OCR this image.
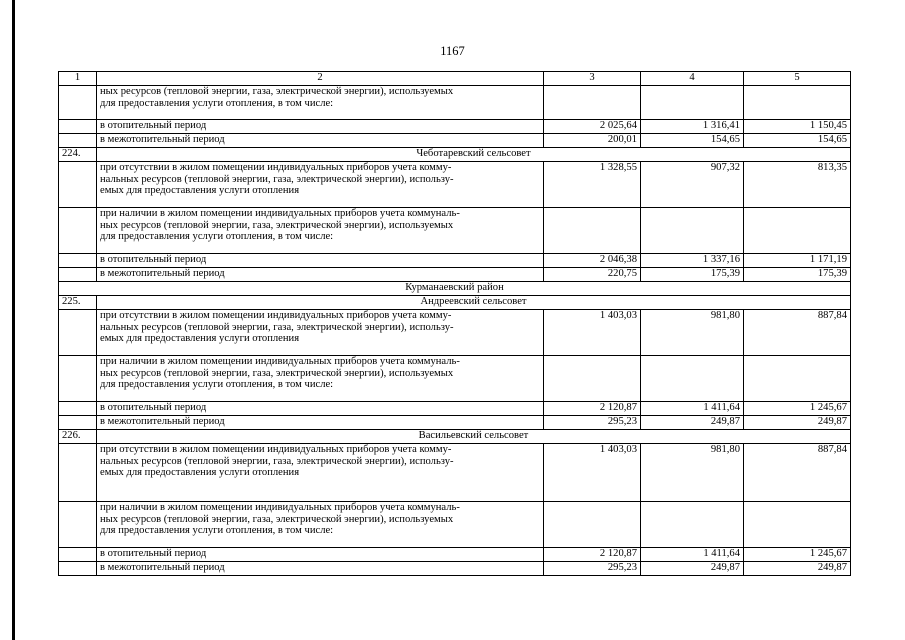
1167
1	2	3	4	5

	ных ресурсов (тепловой энергии, газа, электрической энергии), используемых
для предоставления услуги отопления, в том числе:			

	в отопительный период	2 025,64	1 316,41	1 150,45
	в межотопительный период	200,01	154,65	154,65
224.	Чеботаревский сельсовет			

	при отсутствии в жилом помещении индивидуальных приборов учета комму-
нальных ресурсов (тепловой энергии, газа, электрической энергии), использу-
емых для предоставления услуги отопления	1 328,55	907,32	813,35

	при наличии в жилом помещении индивидуальных приборов учета коммуналь-
ных ресурсов (тепловой энергии, газа, электрической энергии), используемых
для предоставления услуги отопления, в том числе:			

	в отопительный период	2 046,38	1 337,16	1 171,19
	в межотопительный период	220,75	175,39	175,39
Курманаевский район				
225.	Андреевский сельсовет			

	при отсутствии в жилом помещении индивидуальных приборов учета комму-
нальных ресурсов (тепловой энергии, газа, электрической энергии), использу-
емых для предоставления услуги отопления	1 403,03	981,80	887,84

	при наличии в жилом помещении индивидуальных приборов учета коммуналь-
ных ресурсов (тепловой энергии, газа, электрической энергии), используемых
для предоставления услуги отопления, в том числе:			

	в отопительный период	2 120,87	1 411,64	1 245,67
	в межотопительный период	295,23	249,87	249,87
226.	Васильевский сельсовет			

	при отсутствии в жилом помещении индивидуальных приборов учета комму-
нальных ресурсов (тепловой энергии, газа, электрической энергии), использу-
емых для предоставления услуги отопления	1 403,03	981,80	887,84

	при наличии в жилом помещении индивидуальных приборов учета коммуналь-
ных ресурсов (тепловой энергии, газа, электрической энергии), используемых
для предоставления услуги отопления, в том числе:			

	в отопительный период	2 120,87	1 411,64	1 245,67
	в межотопительный период	295,23	249,87	249,87
